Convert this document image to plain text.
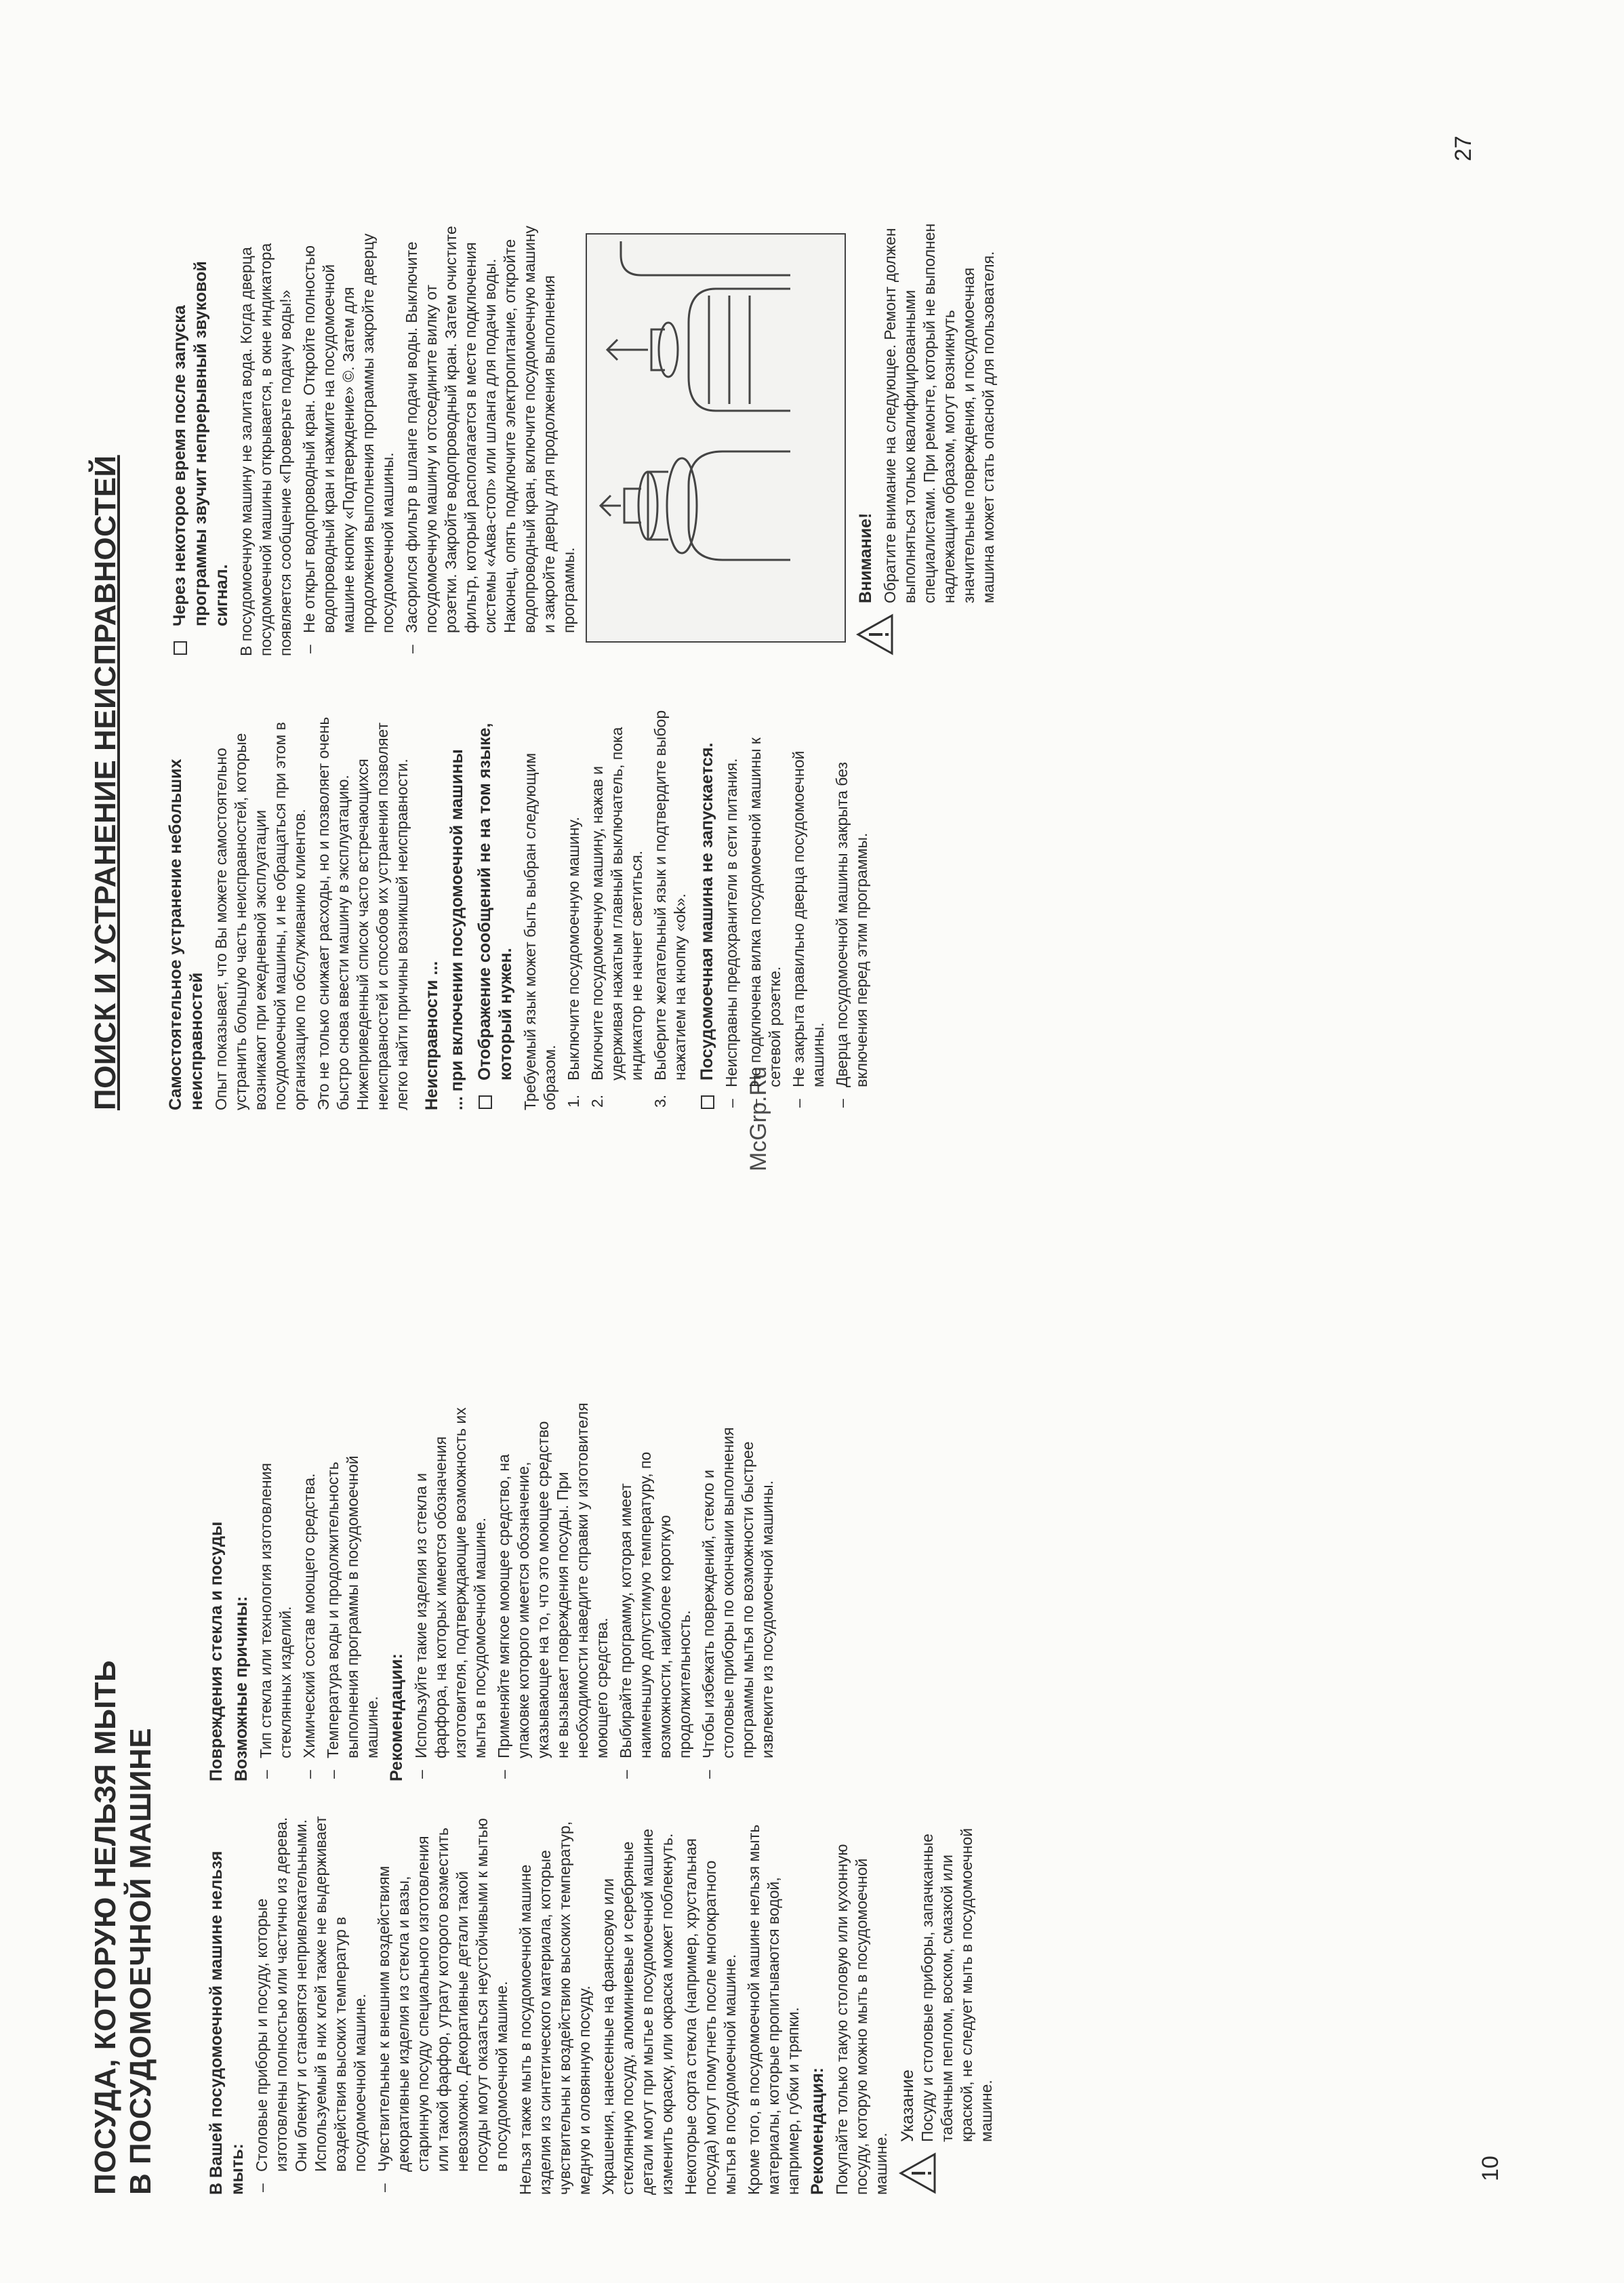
ПОСУДА, КОТОРУЮ НЕЛЬЗЯ МЫТЬ В ПОСУДОМОЕЧНОЙ МАШИНЕ	В Вашей посудомоечной машине нельзя мыть: – Столовые приборы и посуду, которые изготовлены полностью или частично из дерева. Они блекнут и становятся непривлекательными. Используемый в них клей также не выдерживает воздействия высоких температур в посудомоечной машине. – Чувствительные к внешним воздействиям декоративные изделия из стекла и вазы, старинную посуду специального изготовления или такой фарфор, утрату которого возместить невозможно. Декоративные детали такой посуды могут оказаться неустойчивыми к мытью в посудомоечной машине. Нельзя также мыть в посудомоечной машине изделия из синтетического материала, которые чувствительны к воздействию высоких температур, медную и оловянную посуду. Украшения, нанесенные на фаянсовую или стеклянную посуду, алюминиевые и серебряные детали могут при мытье в посудомоечной машине изменить окраску, или окраска может поблекнуть. Некоторые сорта стекла (например, хрустальная посуда) могут помутнеть после многократного мытья в посудомоечной машине. Кроме того, в посудомоечной машине нельзя мыть материалы, которые пропитываются водой, например, губки и тряпки. Рекомендация: Покупайте только такую столовую или кухонную посуду, которую можно мыть в посудомоечной машине.

Указание Посуду и столовые приборы, запачканные табачным пеплом, воском, смазкой или краской, не следует мыть в посудомоечной машине.
Повреждения стекла и посуды Возможные причины: – Тип стекла или технология изготовления стеклянных изделий. – Химический состав моющего средства. – Температура воды и продолжительность выполнения программы в посудомоечной машине. Рекомендации: – Используйте такие изделия из стекла и фарфора, на которых имеются обозначения изготовителя, подтверждающие возможность их мытья в посудомоечной машине. – Применяйте мягкое моющее средство, на упаковке которого имеется обозначение, указывающее на то, что это моющее средство не вызывает повреждения посуды. При необходимости наведите справки у изготовителя моющего средства. – Выбирайте программу, которая имеет наименьшую допустимую температуру, по возможности, наиболее короткую продолжительность. – Чтобы избежать повреждений, стекло и столовые приборы по окончании выполнения программы мытья по возможности быстрее извлеките из посудомоечной машины.
10
McGrp.Ru
ПОИСК И УСТРАНЕНИЕ НЕИСПРАВНОСТЕЙ	Самостоятельное устранение небольших неисправностей Опыт показывает, что Вы можете самостоятельно устранить большую часть неисправностей, которые возникают при ежедневной эксплуатации посудомоечной машины, и не обращаться при этом в организацию по обслуживанию клиентов. Это не только снижает расходы, но и позволяет очень быстро снова ввести машину в эксплуатацию. Нижеприведенный список часто встречающихся неисправностей и способов их устранения позволяет легко найти причины возникшей неисправности. Неисправности ... ... при включении посудомоечной машины Отображение сообщений не на том языке, который нужен. Требуемый язык может быть выбран следующим образом. 1.
Выключите посудомоечную машину.
2.
Включите посудомоечную машину, нажав и удерживая нажатым главный выключатель, пока индикатор не начнет светиться.
3.
Выберите желательный язык и подтвердите выбор нажатием на кнопку «ok». Посудомоечная машина не запускается. – Неисправны предохранители в сети питания. – Не подключена вилка посудомоечной машины к сетевой розетке. – Не закрыта правильно дверца посудомоечной машины. – Дверца посудомоечной машины закрыта без включения перед этим программы.
Через некоторое время после запуска программы звучит непрерывный звуковой сигнал. В посудомоечную машину не залита вода. Когда дверца посудомоечной машины открывается, в окне индикатора появляется сообщение «Проверьте подачу воды!» – Не открыт водопроводный кран. Откройте полностью водопроводный кран и нажмите на посудомоечной машине кнопку «Подтверждение» ©. Затем для продолжения выполнения программы закройте дверцу посудомоечной машины. – Засорился фильтр в шланге подачи воды. Выключите посудомоечную машину и отсоедините вилку от розетки. Закройте водопроводный кран. Затем очистите фильтр, который располагается в месте подключения системы «Аква-стоп» или шланга для подачи воды. Наконец, опять подключите электропитание, откройте водопроводный кран, включите посудомоечную машину и закройте дверцу для продолжения выполнения программы.	Внимание! Обратите внимание на следующее. Ремонт должен выполняться только квалифицированными специалистами. При ремонте, который не выполнен надлежащим образом, могут возникнуть значительные повреждения, и посудомоечная машина может стать опасной для пользователя.
27
